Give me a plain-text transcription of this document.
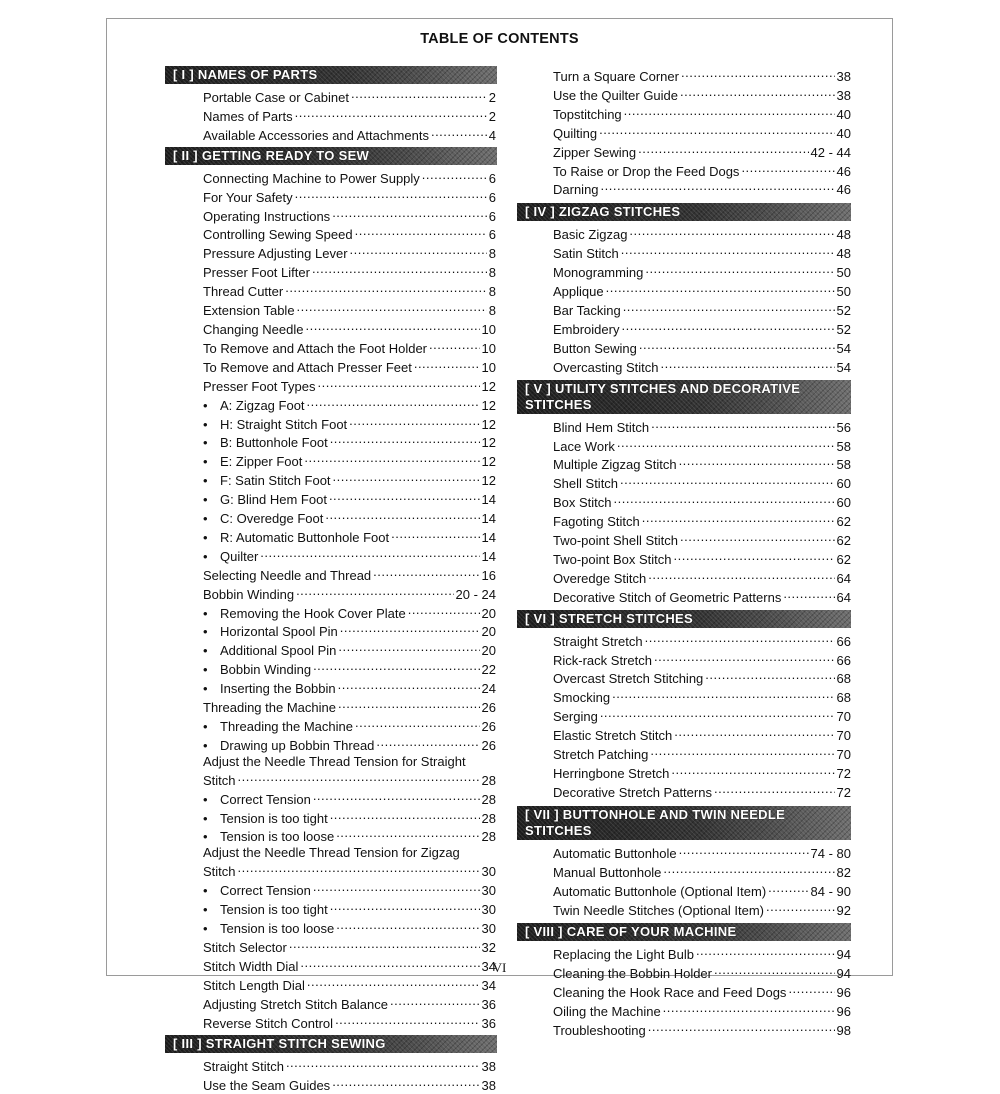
TABLE OF CONTENTS
[ I ] NAMES OF PARTS
Portable Case or Cabinet .....	2
Names of Parts .....	2
Available Accessories and Attachments .....	4
[ II ] GETTING READY TO SEW
Connecting Machine to Power Supply .....	6
For Your Safety .....	6
Operating Instructions .....	6
Controlling Sewing Speed .....	6
Pressure Adjusting Lever .....	8
Presser Foot Lifter .....	8
Thread Cutter .....	8
Extension Table .....	8
Changing Needle .....	10
To Remove and Attach the Foot Holder .....	10
To Remove and Attach Presser Feet .....	10
Presser Foot Types .....	12
• A: Zigzag Foot .....	12
• H: Straight Stitch Foot .....	12
• B: Buttonhole Foot .....	12
• E: Zipper Foot .....	12
• F: Satin Stitch Foot .....	12
• G: Blind Hem Foot .....	14
• C: Overedge Foot .....	14
• R: Automatic Buttonhole Foot .....	14
• Quilter .....	14
Selecting Needle and Thread .....	16
Bobbin Winding .....	20 - 24
• Removing the Hook Cover Plate .....	20
• Horizontal Spool Pin .....	20
• Additional Spool Pin .....	20
• Bobbin Winding .....	22
• Inserting the Bobbin .....	24
Threading the Machine .....	26
• Threading the Machine .....	26
• Drawing up Bobbin Thread .....	26
Adjust the Needle Thread Tension for Straight
Stitch .....	28
• Correct Tension .....	28
• Tension is too tight .....	28
• Tension is too loose .....	28
Adjust the Needle Thread Tension for Zigzag
Stitch .....	30
• Correct Tension .....	30
• Tension is too tight .....	30
• Tension is too loose .....	30
Stitch Selector .....	32
Stitch Width Dial .....	34
Stitch Length Dial .....	34
Adjusting Stretch Stitch Balance .....	36
Reverse Stitch Control .....	36
[ III ] STRAIGHT STITCH SEWING
Straight Stitch .....	38
Use the Seam Guides .....	38
Turn a Square Corner .....	38
Use the Quilter Guide .....	38
Topstitching .....	40
Quilting .....	40
Zipper Sewing .....	42 - 44
To Raise or Drop the Feed Dogs .....	46
Darning .....	46
[ IV ] ZIGZAG STITCHES
Basic Zigzag .....	48
Satin Stitch .....	48
Monogramming .....	50
Applique .....	50
Bar Tacking .....	52
Embroidery .....	52
Button Sewing .....	54
Overcasting Stitch .....	54
[ V ] UTILITY STITCHES AND DECORATIVE STITCHES
Blind Hem Stitch .....	56
Lace Work .....	58
Multiple Zigzag Stitch .....	58
Shell Stitch .....	60
Box Stitch .....	60
Fagoting Stitch .....	62
Two-point Shell Stitch .....	62
Two-point Box Stitch .....	62
Overedge Stitch .....	64
Decorative Stitch of Geometric Patterns .....	64
[ VI ] STRETCH STITCHES
Straight Stretch .....	66
Rick-rack Stretch .....	66
Overcast Stretch Stitching .....	68
Smocking .....	68
Serging .....	70
Elastic Stretch Stitch .....	70
Stretch Patching .....	70
Herringbone Stretch .....	72
Decorative Stretch Patterns .....	72
[ VII ] BUTTONHOLE AND TWIN NEEDLE STITCHES
Automatic Buttonhole .....	74 - 80
Manual Buttonhole .....	82
Automatic Buttonhole (Optional Item) .....	84 - 90
Twin Needle Stitches (Optional Item) .....	92
[ VIII ] CARE OF YOUR MACHINE
Replacing the Light Bulb .....	94
Cleaning the Bobbin Holder .....	94
Cleaning the Hook Race and Feed Dogs .....	96
Oiling the Machine .....	96
Troubleshooting .....	98
VI
